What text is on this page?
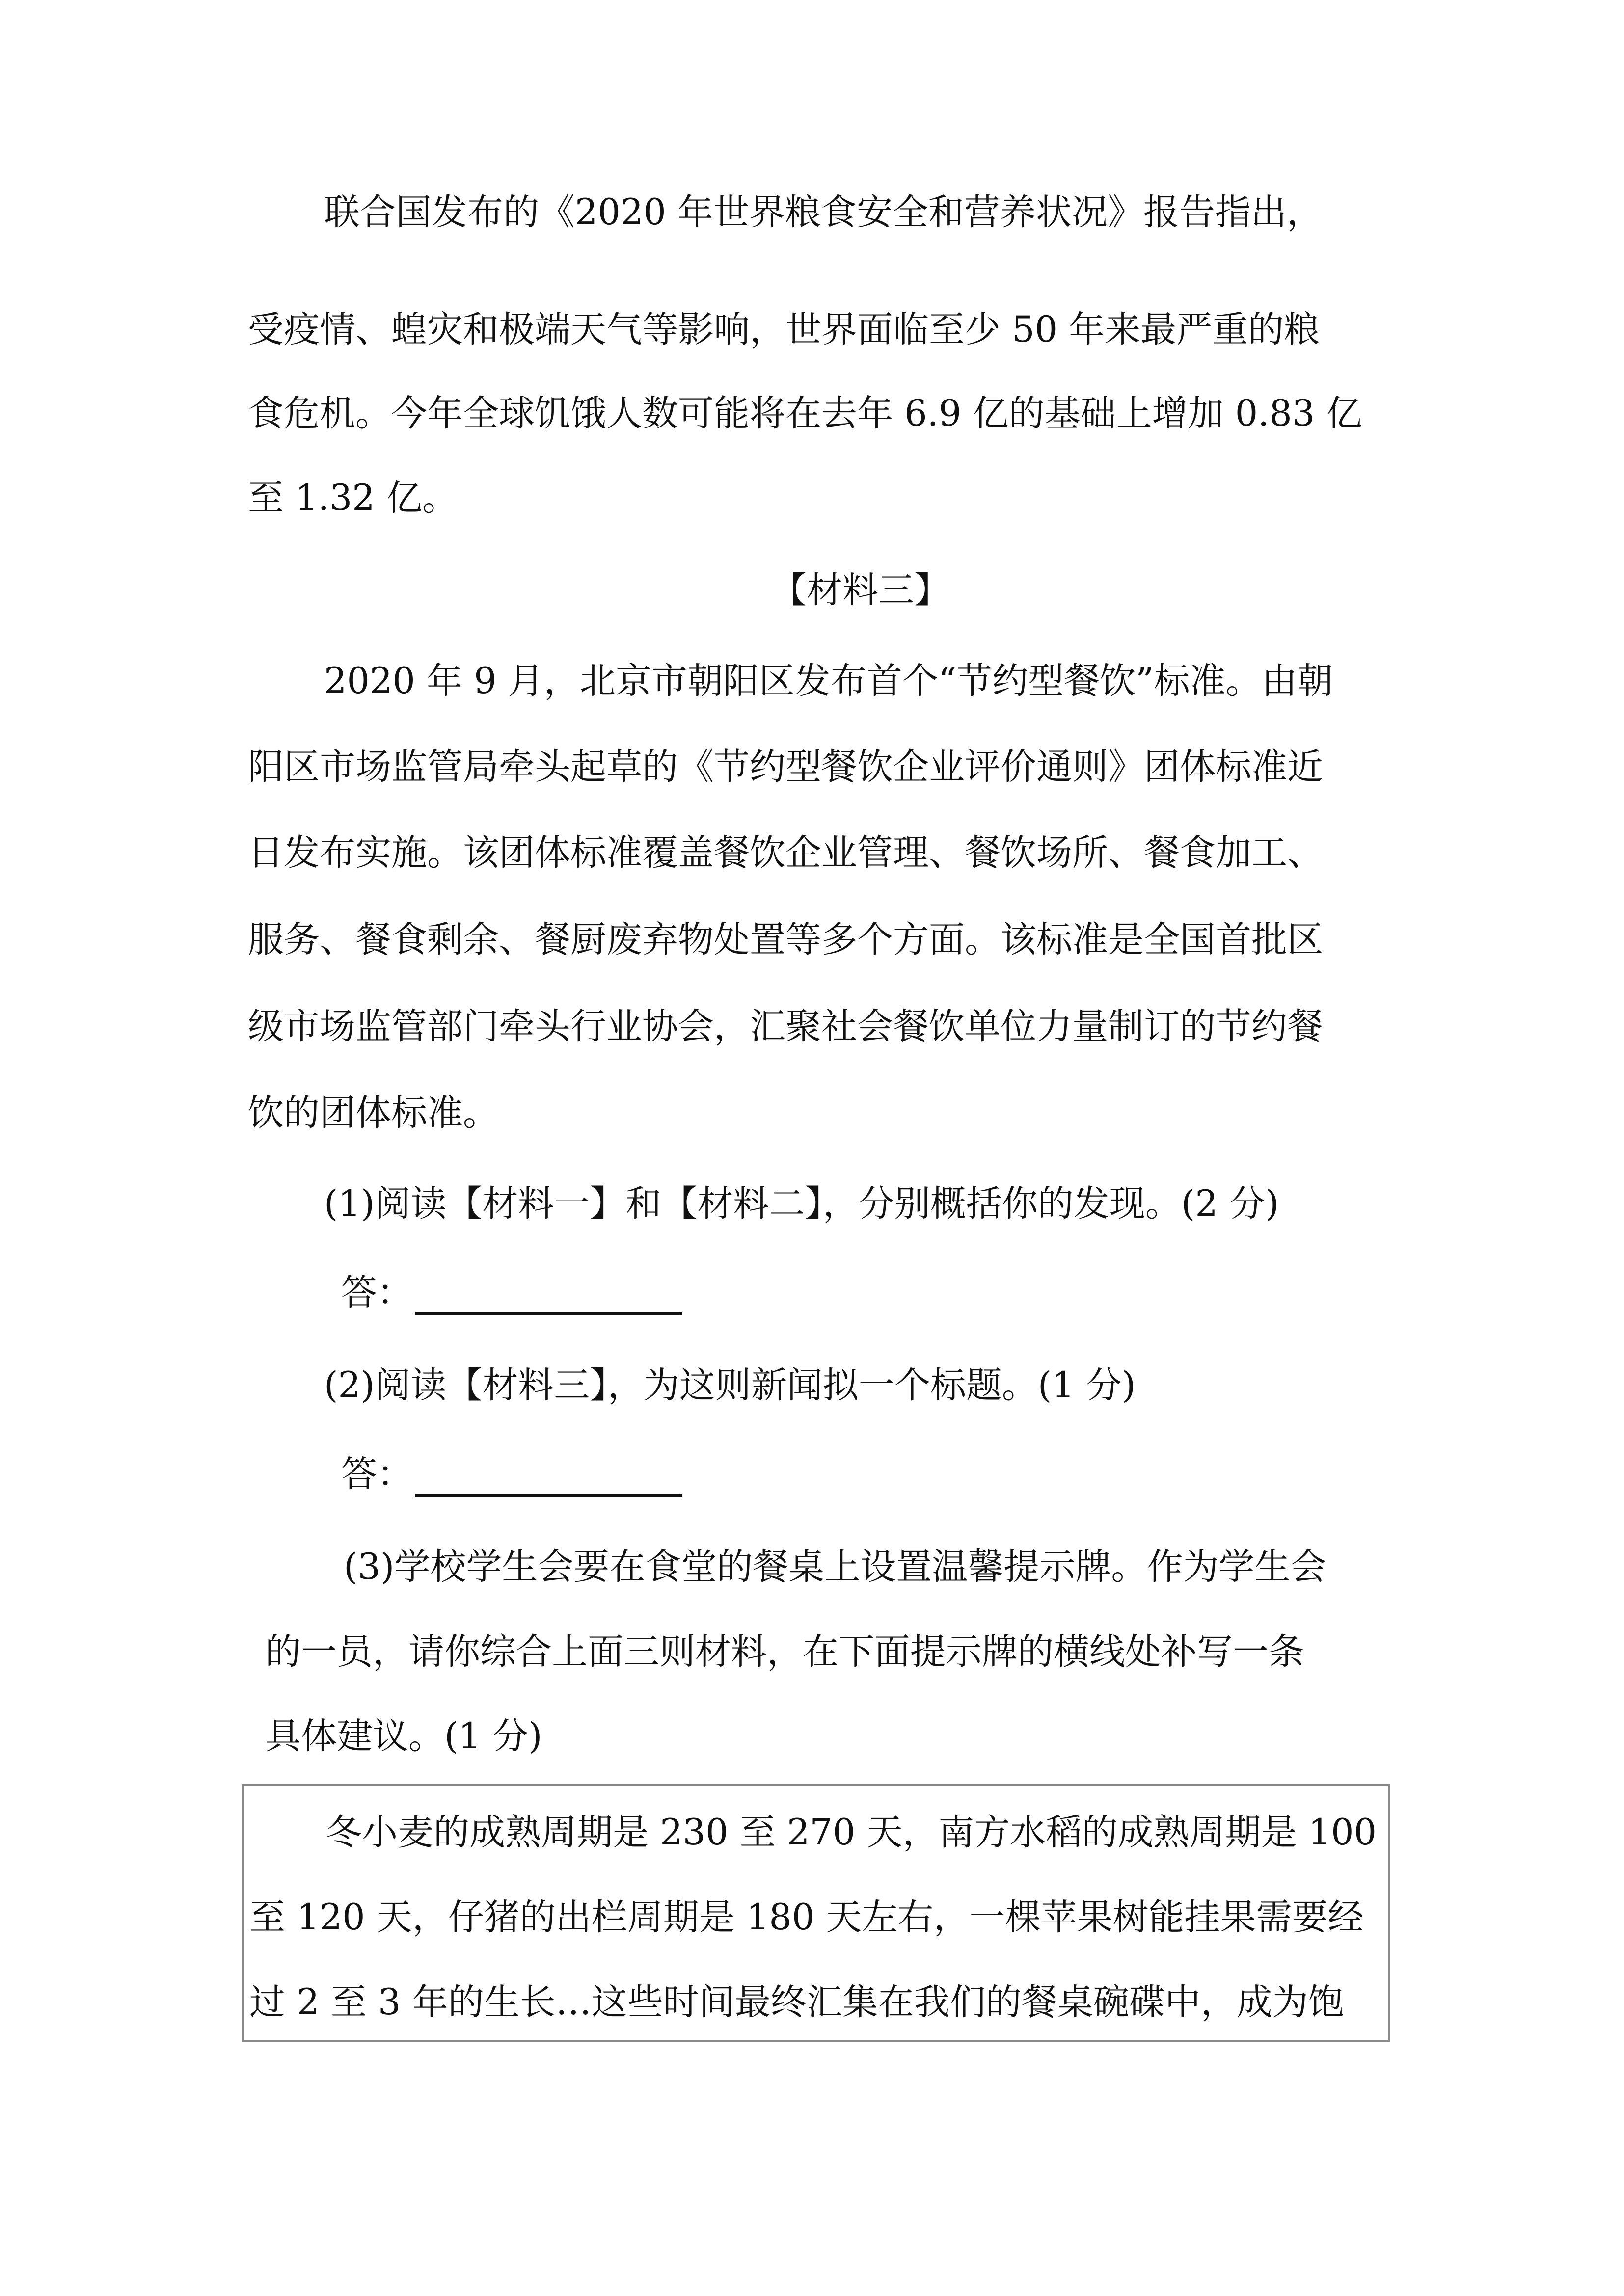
联合国发布的《2020 年世界粮食安全和营养状况》报告指出，
受疫情、蝗灾和极端天气等影响，世界面临至少 50 年来最严重的粮
食危机。今年全球饥饿人数可能将在去年 6.9 亿的基础上增加 0.83 亿
至 1.32 亿。
【材料三】
2020 年 9 月，北京市朝阳区发布首个“节约型餐饮”标准。由朝
阳区市场监管局牵头起草的《节约型餐饮企业评价通则》团体标准近
日发布实施。该团体标准覆盖餐饮企业管理、餐饮场所、餐食加工、
服务、餐食剩余、餐厨废弃物处置等多个方面。该标准是全国首批区
级市场监管部门牵头行业协会，汇聚社会餐饮单位力量制订的节约餐
饮的团体标准。
(1)阅读【材料一】和【材料二】，分别概括你的发现。(2 分)
答：
(2)阅读【材料三】，为这则新闻拟一个标题。(1 分)
答：
(3)学校学生会要在食堂的餐桌上设置温馨提示牌。作为学生会
的一员，请你综合上面三则材料，在下面提示牌的横线处补写一条
具体建议。(1 分)
冬小麦的成熟周期是 230 至 270 天，南方水稻的成熟周期是 100
至 120 天，仔猪的出栏周期是 180 天左右，一棵苹果树能挂果需要经
过 2 至 3 年的生长…这些时间最终汇集在我们的餐桌碗碟中，成为饱
